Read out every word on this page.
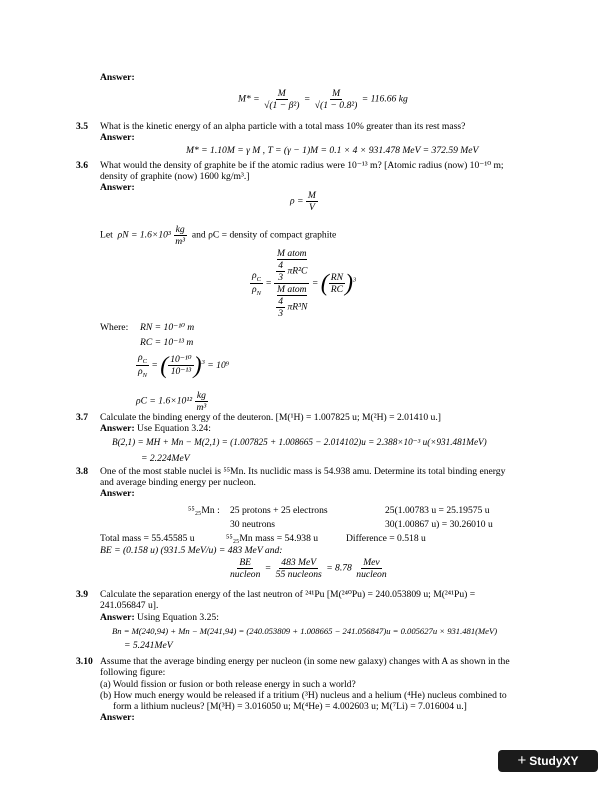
Answer:
$M* = \frac{M}{\text{√(1 − β²)}} = \frac{M}{\text{√(1 − 0.8²)}} = 116.66$ kg
3.5 What is the kinetic energy of an alpha particle with a total mass 10% greater than its rest mass?
Answer:
M* = 1.10M = γ M , T = (γ − 1)M = 0.1 × 4 × 931.478 MeV = 372.59 MeV
3.6 What would the density of graphite be if the atomic radius were 10⁻¹³ m? [Atomic radius (now) 10⁻¹⁰ m;
density of graphite (now) 1600 kg/m³.]
Answer:
$\rho = \frac{M}{V}$
Let $\rho N = 1.6\times 10^3 \frac{kg}{\text{m³}}$ and ρC = density of compact graphite
$\frac{\rho_C}{\rho_N} = M$ atom
$\frac{4}{3} \pi R^2C$
M atom
$\frac{4}{3} \pi R^3N$ = ( $\frac{RN}{RC} )^3$
Where: RN = 10⁻¹⁰ m
RC = 10⁻¹³ m
$\frac{\rho_C}{\rho_N}$ = ( $\frac{\text{10⁻¹⁰}}{\text{10⁻¹³}} )^3 = 10^9$
$\rho C = 1.6\times 10^{12} \frac{kg}{\text{m³}}$
3.7 Calculate the binding energy of the deuteron. [M(¹H) = 1.007825 u; M(²H) = 2.01410 u.]
Answer: Use Equation 3.24:
B(2,1) = MH + Mn − M(2,1) = (1.007825 + 1.008665 − 2.014102)u = 2.388×10⁻³ u(×931.481MeV)
= 2.224MeV
3.8 One of the most stable nuclei is ⁵⁵Mn. Its nuclidic mass is 54.938 amu. Determine its total binding energy
and average binding energy per nucleon.
Answer:
⁵⁵₂₅Mn : 25 protons + 25 electrons	25(1.00783 u = 25.19575 u
30 neutrons	30(1.00867 u) = 30.26010 u
Total mass = 55.45585 u	⁵⁵₂₅Mn mass = 54.938 u	Difference = 0.518 u
BE = (0.158 u) (931.5 MeV/u) = 483 MeV and:
$\frac{BE}{\text{nucleon}} = \frac{\text{483 MeV}}{\text{55 nucleons}} = 8.78 \frac{\text{Mev}}{\text{nucleon}}$
3.9 Calculate the separation energy of the last neutron of ²⁴¹Pu [M(²⁴⁰Pu) = 240.053809 u; M(²⁴¹Pu) =
241.056847 u].
Answer: Using Equation 3.25:
Bn = M(240,94) + Mn − M(241,94) = (240.053809 + 1.008665 − 241.056847)u = 0.005627u × 931.481(MeV)
= 5.241MeV
3.10 Assume that the average binding energy per nucleon (in some new galaxy) changes with A as shown in the
following figure:
(a) Would fission or fusion or both release energy in such a world?
(b) How much energy would be released if a tritium (³H) nucleus and a helium (⁴He) nucleus combined to
form a lithium nucleus? [M(³H) = 3.016050 u; M(⁴He) = 4.002603 u; M(⁷Li) = 7.016004 u.]
Answer:
+ StudyXY
